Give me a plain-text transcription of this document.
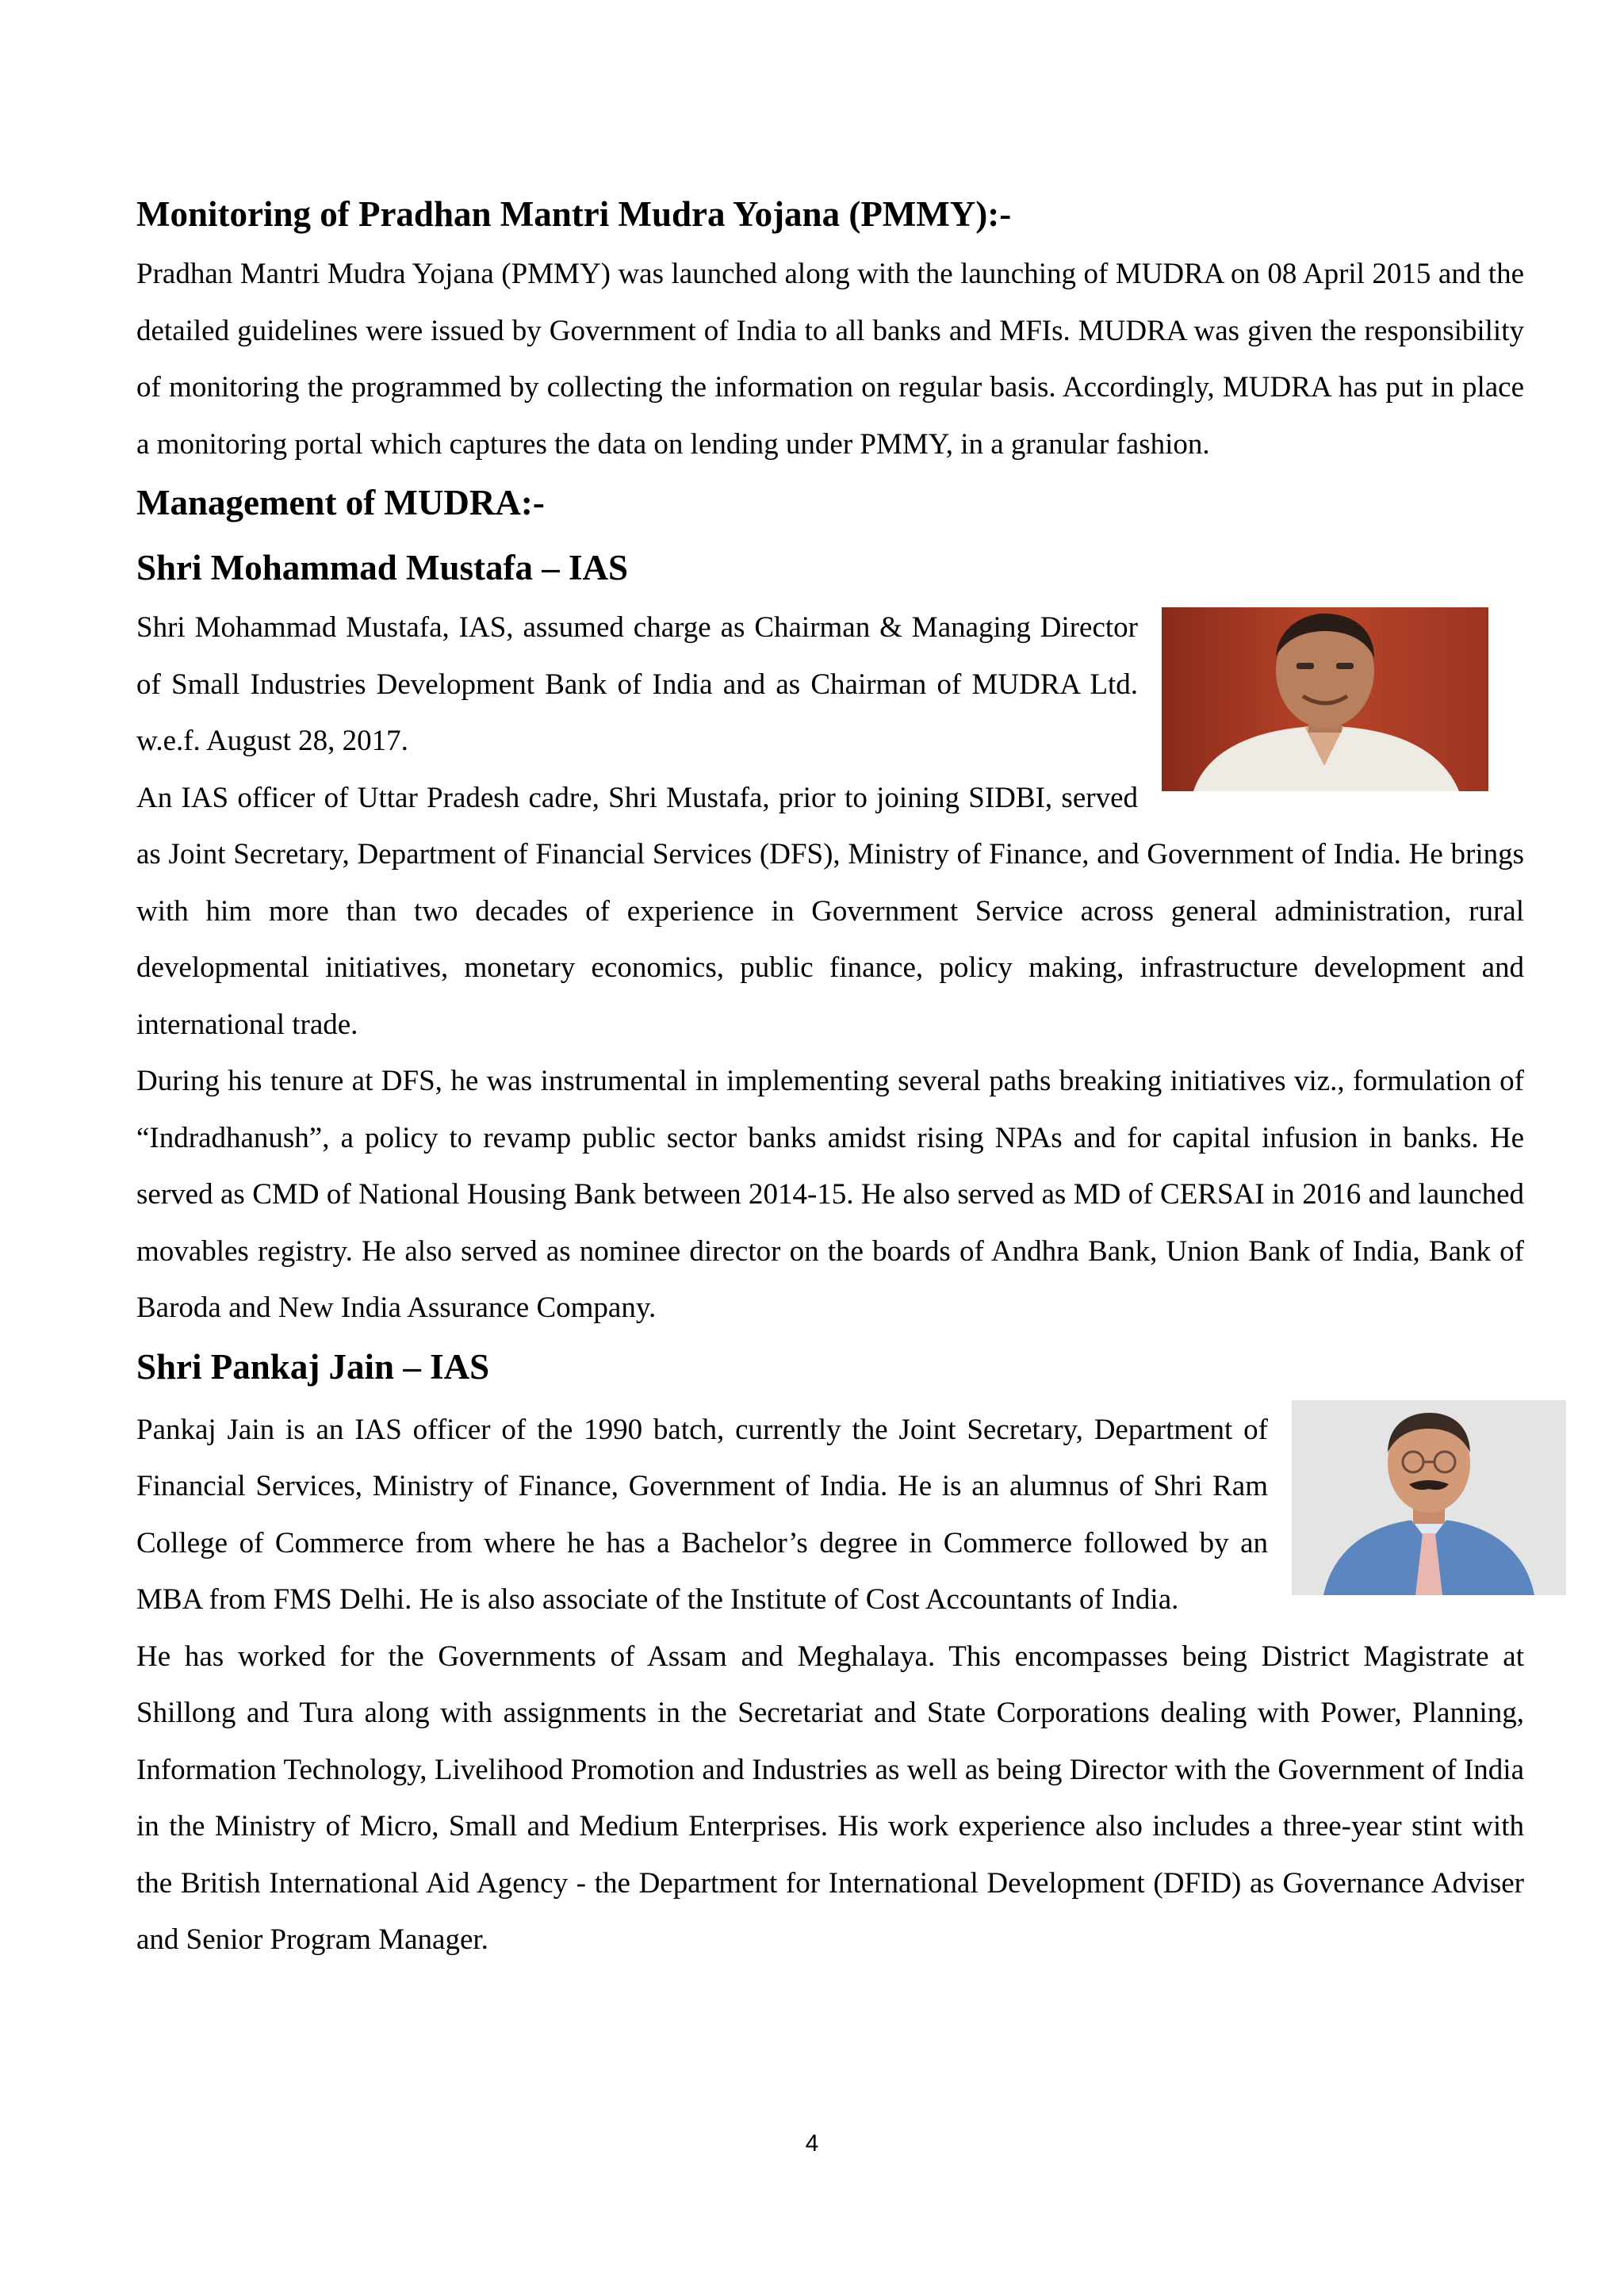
Monitoring of Pradhan Mantri Mudra Yojana (PMMY):-

Pradhan Mantri Mudra Yojana (PMMY) was launched along with the launching of MUDRA on 08 April 2015 and the detailed guidelines were issued by Government of India to all banks and MFIs. MUDRA was given the responsibility of monitoring the programmed by collecting the information on regular basis. Accordingly, MUDRA has put in place a monitoring portal which captures the data on lending under PMMY, in a granular fashion.

Management of MUDRA:-
Shri Mohammad Mustafa – IAS

Shri Mohammad Mustafa, IAS, assumed charge as Chairman & Managing Director of Small Industries Development Bank of India and as Chairman of MUDRA Ltd. w.e.f. August 28, 2017.

An IAS officer of Uttar Pradesh cadre, Shri Mustafa, prior to joining SIDBI, served as Joint Secretary, Department of Financial Services (DFS), Ministry of Finance, and Government of India. He brings with him more than two decades of experience in Government Service across general administration, rural developmental initiatives, monetary economics, public finance, policy making, infrastructure development and international trade.

During his tenure at DFS, he was instrumental in implementing several paths breaking initiatives viz., formulation of “Indradhanush”, a policy to revamp public sector banks amidst rising NPAs and for capital infusion in banks. He served as CMD of National Housing Bank between 2014-15. He also served as MD of CERSAI in 2016 and launched movables registry. He also served as nominee director on the boards of Andhra Bank, Union Bank of India, Bank of Baroda and New India Assurance Company.

Shri Pankaj Jain – IAS

Pankaj Jain is an IAS officer of the 1990 batch, currently the Joint Secretary, Department of Financial Services, Ministry of Finance, Government of India. He is an alumnus of Shri Ram College of Commerce from where he has a Bachelor’s degree in Commerce followed by an MBA from FMS Delhi. He is also associate of the Institute of Cost Accountants of India.

He has worked for the Governments of Assam and Meghalaya. This encompasses being District Magistrate at Shillong and Tura along with assignments in the Secretariat and State Corporations dealing with Power, Planning, Information Technology, Livelihood Promotion and Industries as well as being Director with the Government of India in the Ministry of Micro, Small and Medium Enterprises. His work experience also includes a three-year stint with the British International Aid Agency - the Department for International Development (DFID) as Governance Adviser and Senior Program Manager.

4
